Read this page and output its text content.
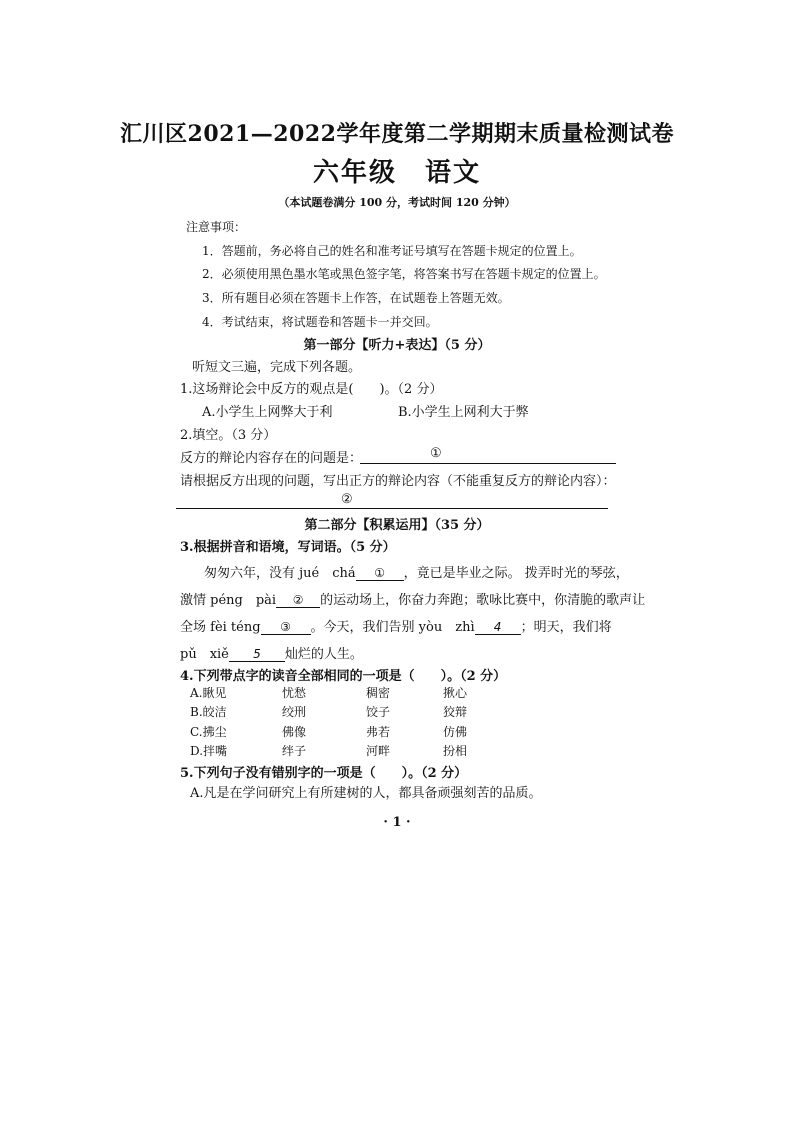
汇川区2021—2022学年度第二学期期末质量检测试卷
六年级 语文
（本试题卷满分 100 分，考试时间 120 分钟）
注意事项：
1．答题前，务必将自己的姓名和准考证号填写在答题卡规定的位置上。
2．必须使用黑色墨水笔或黑色签字笔，将答案书写在答题卡规定的位置上。
3．所有题目必须在答题卡上作答，在试题卷上答题无效。
4．考试结束，将试题卷和答题卡一并交回。
第一部分【听力+表达】（5 分）
听短文三遍，完成下列各题。
1.这场辩论会中反方的观点是(　　)。（2 分）
A.小学生上网弊大于利	B.小学生上网利大于弊
2.填空。（3 分）
反方的辩论内容存在的问题是：	①
请根据反方出现的问题，写出正方的辩论内容（不能重复反方的辩论内容）：
②
第二部分【积累运用】（35 分）
3.根据拼音和语境，写词语。（5 分）
匆匆六年，没有 jué　chá ① ，竟已是毕业之际。 拨弄时光的琴弦，
激情 péng　pài ② 的运动场上，你奋力奔跑；歌咏比赛中，你清脆的歌声让
全场 fèi téng ③ 。今天，我们告别 yòu　zhì 4 ；明天，我们将
pǔ　xiě 5 灿烂的人生。
4.下列带点字的读音全部相同的一项是（　　）。（2 分）
A.瞅见	忧愁	稠密	揪心
B.皎洁	绞刑	饺子	狡辩
C.拂尘	佛像	弗若	仿佛
D.拌嘴	绊子	河畔	扮相
5.下列句子没有错别字的一项是（　　）。（2 分）
A.凡是在学问研究上有所建树的人，都具备顽强刻苦的品质。
· 1 ·
